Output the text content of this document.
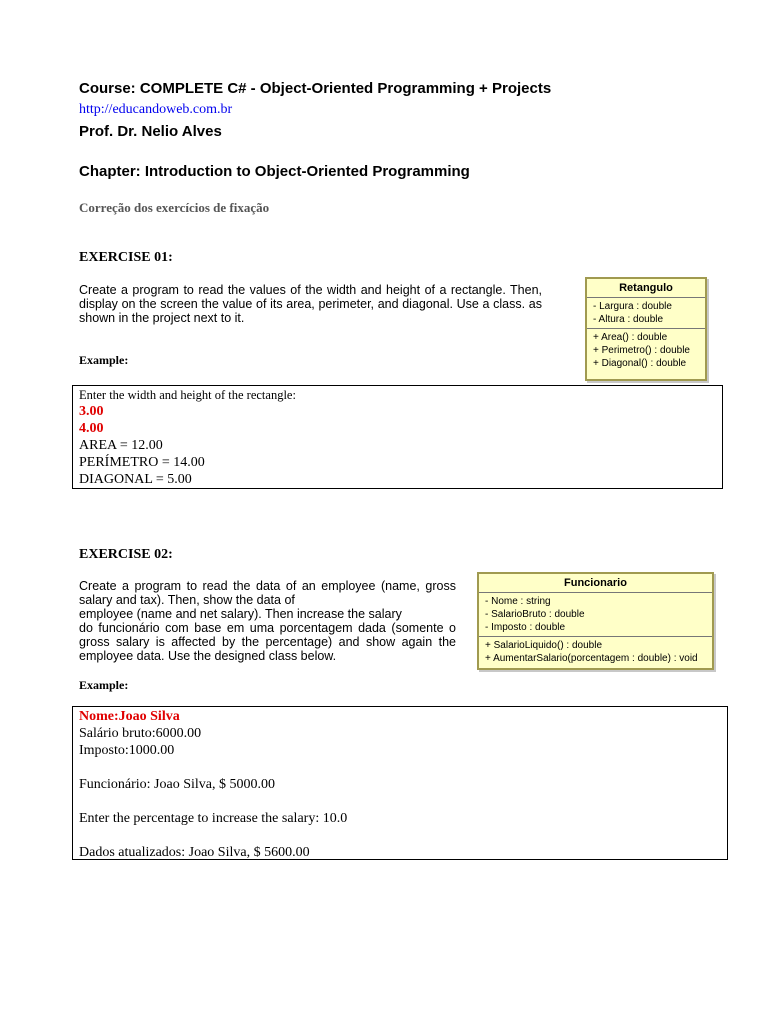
Course: COMPLETE C# - Object-Oriented Programming + Projects
http://educandoweb.com.br
Prof. Dr. Nelio Alves
Chapter: Introduction to Object-Oriented Programming
Correção dos exercícios de fixação
EXERCISE 01:
Create a program to read the values of the width and height of a rectangle. Then, display on the screen the value of its area, perimeter, and diagonal. Use a class. as shown in the project next to it.
Example:
Retangulo
- Largura : double
- Altura : double
+ Area() : double
+ Perimetro() : double
+ Diagonal() : double
Enter the width and height of the rectangle:
3.00
4.00
AREA = 12.00
PERÍMETRO = 14.00
DIAGONAL = 5.00
EXERCISE 02:
Create a program to read the data of an employee (name, gross salary and tax). Then, show the data of
employee (name and net salary). Then increase the salary
do funcionário com base em uma porcentagem dada (somente o gross salary is affected by the percentage) and show again the employee data. Use the designed class below.
Example:
Funcionario
- Nome : string
- SalarioBruto : double
- Imposto : double
+ SalarioLiquido() : double
+ AumentarSalario(porcentagem : double) : void
Nome:Joao Silva
Salário bruto:6000.00
Imposto:1000.00
Funcionário: Joao Silva, $ 5000.00
Enter the percentage to increase the salary: 10.0
Dados atualizados: Joao Silva, $ 5600.00
